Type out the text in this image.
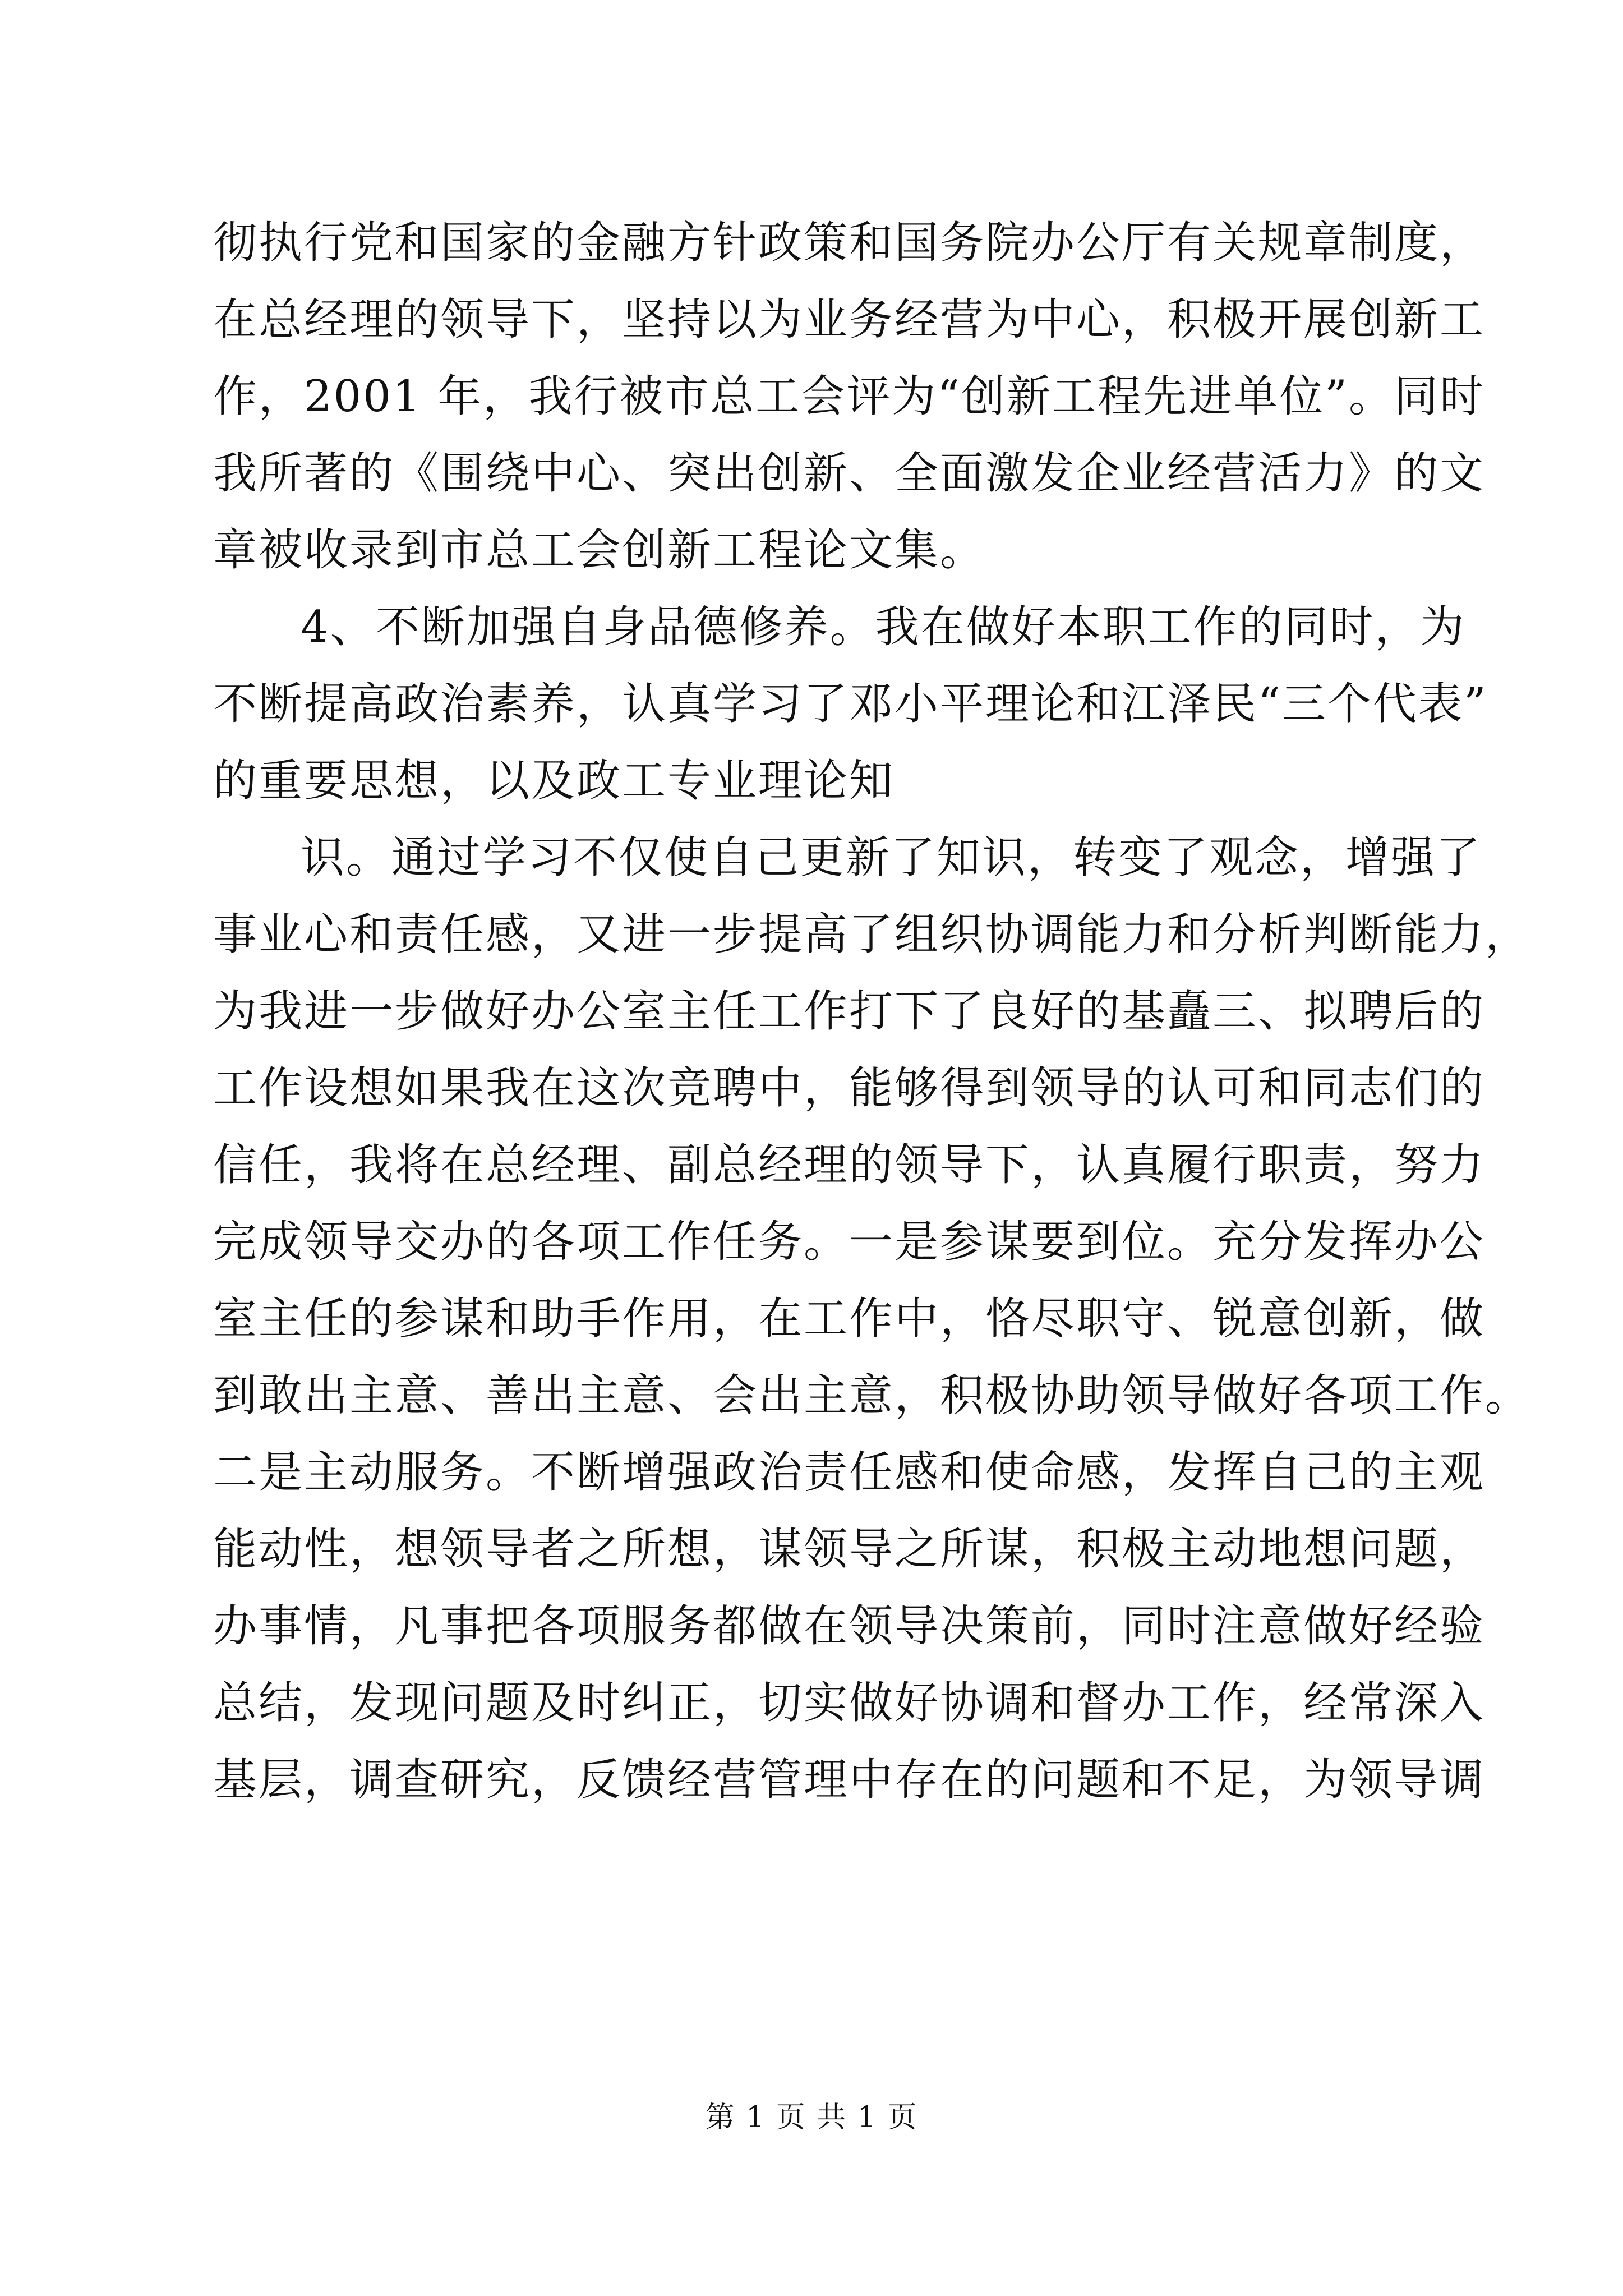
彻执行党和国家的金融方针政策和国务院办公厅有关规章制度，
在总经理的领导下，坚持以为业务经营为中心，积极开展创新工
作，2001 年，我行被市总工会评为“创新工程先进单位”。同时
我所著的《围绕中心、突出创新、全面激发企业经营活力》的文
章被收录到市总工会创新工程论文集。
4、不断加强自身品德修养。我在做好本职工作的同时，为
不断提高政治素养，认真学习了邓小平理论和江泽民“三个代表”
的重要思想，以及政工专业理论知
识。通过学习不仅使自己更新了知识，转变了观念，增强了
事业心和责任感，又进一步提高了组织协调能力和分析判断能力，
为我进一步做好办公室主任工作打下了良好的基矗三、拟聘后的
工作设想如果我在这次竞聘中，能够得到领导的认可和同志们的
信任，我将在总经理、副总经理的领导下，认真履行职责，努力
完成领导交办的各项工作任务。一是参谋要到位。充分发挥办公
室主任的参谋和助手作用，在工作中，恪尽职守、锐意创新，做
到敢出主意、善出主意、会出主意，积极协助领导做好各项工作。
二是主动服务。不断增强政治责任感和使命感，发挥自己的主观
能动性，想领导者之所想，谋领导之所谋，积极主动地想问题，
办事情，凡事把各项服务都做在领导决策前，同时注意做好经验
总结，发现问题及时纠正，切实做好协调和督办工作，经常深入
基层，调查研究，反馈经营管理中存在的问题和不足，为领导调
第 1 页 共 1 页
